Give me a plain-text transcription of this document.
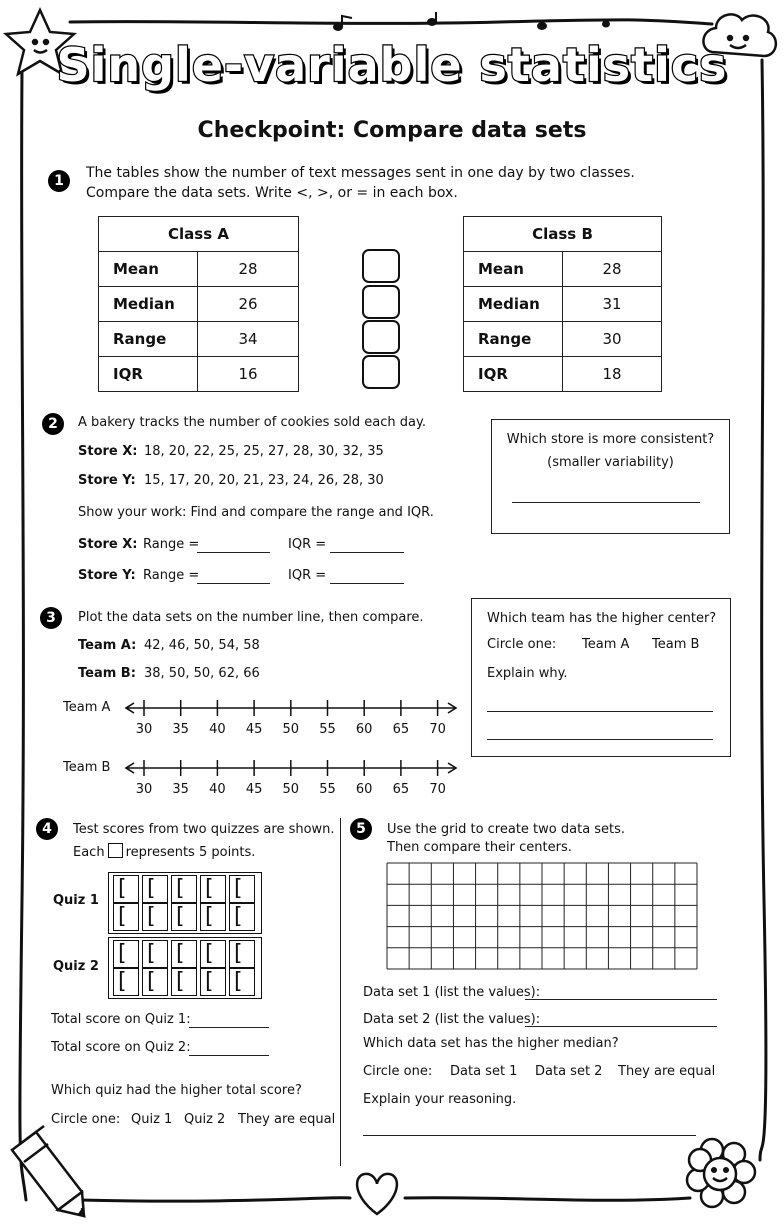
Single-variable statistics
Checkpoint: Compare data sets
1	The tables show the number of text messages sent in one day by two classes.
Compare the data sets. Write <, >, or = in each box.
Class A	
Mean	28
Median	26
Range	34
IQR	16
Class B	
Mean	28
Median	31
Range	30
IQR	18
2	A bakery tracks the number of cookies sold each day.
Store X: 18, 20, 22, 25, 25, 27, 28, 30, 32, 35
Store Y: 15, 17, 20, 20, 21, 23, 24, 26, 28, 30
Show your work: Find and compare the range and IQR.
Store X: Range =	IQR =
Store Y: Range =	IQR =
Which store is more consistent?
(smaller variability)
3	Plot the data sets on the number line, then compare.
Team A: 42, 46, 50, 54, 58
Team B: 38, 50, 50, 62, 66
Team A
Team B
30 35 40 45 50 55 60 65 70
30 35 40 45 50 55 60 65 70
Which team has the higher center?
Circle one: Team A Team B
Explain why.
4	Test scores from two quizzes are shown.
Each represents 5 points.
Quiz 1 [ [ [ [ [
[ [ [ [ [
Quiz 2
[ [ [ [ [
[ [ [ [ [
Total score on Quiz 1:
Total score on Quiz 2:
Which quiz had the higher total score?
Circle one: Quiz 1 Quiz 2 They are equal
5	Use the grid to create two data sets.
Then compare their centers.
Data set 1 (list the values):
Data set 2 (list the values):
Which data set has the higher median?
Circle one: Data set 1 Data set 2 They are equal
Explain your reasoning.
